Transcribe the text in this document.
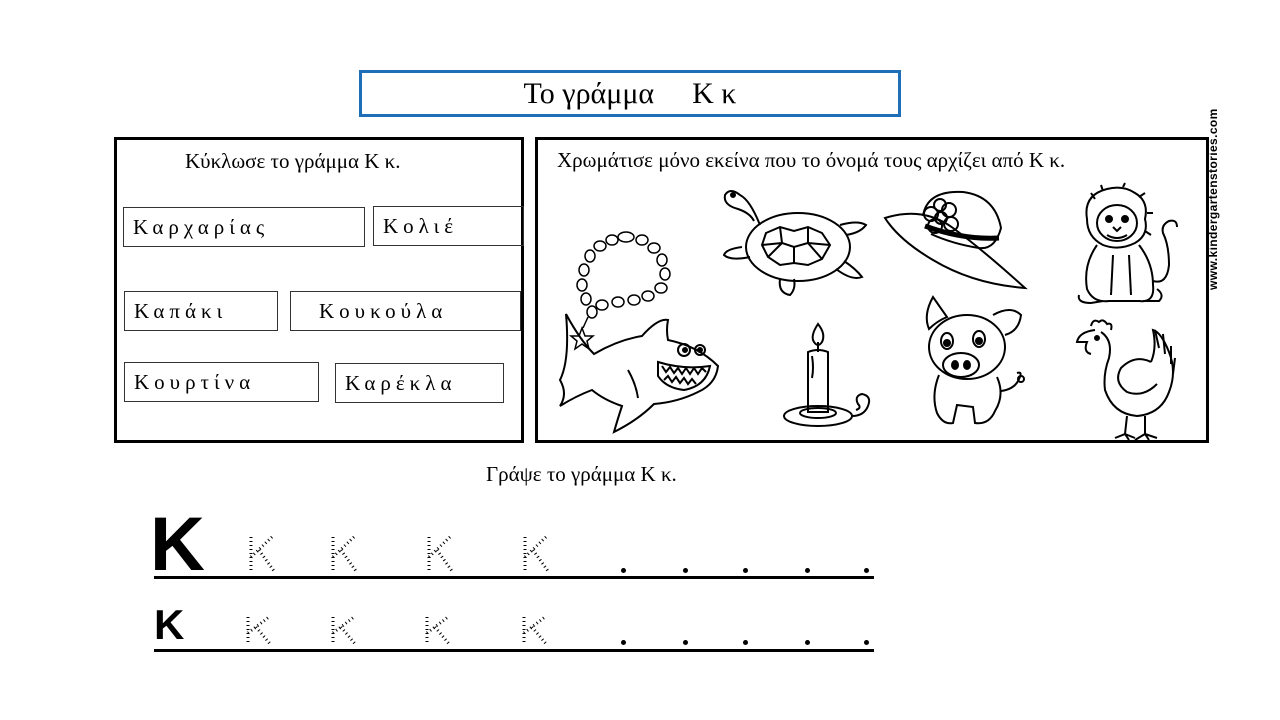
Το γράμμα Κ κ
Κύκλωσε το γράμμα Κ κ.
Καρχαρίας	Κολιέ
Καπάκι	Κουκούλα
Κουρτίνα	Καρέκλα
Χρωμάτισε μόνο εκείνα που το όνομά τους αρχίζει από Κ κ.	www.kindergartenstories.com
Γράψε το γράμμα Κ κ.
K
K
